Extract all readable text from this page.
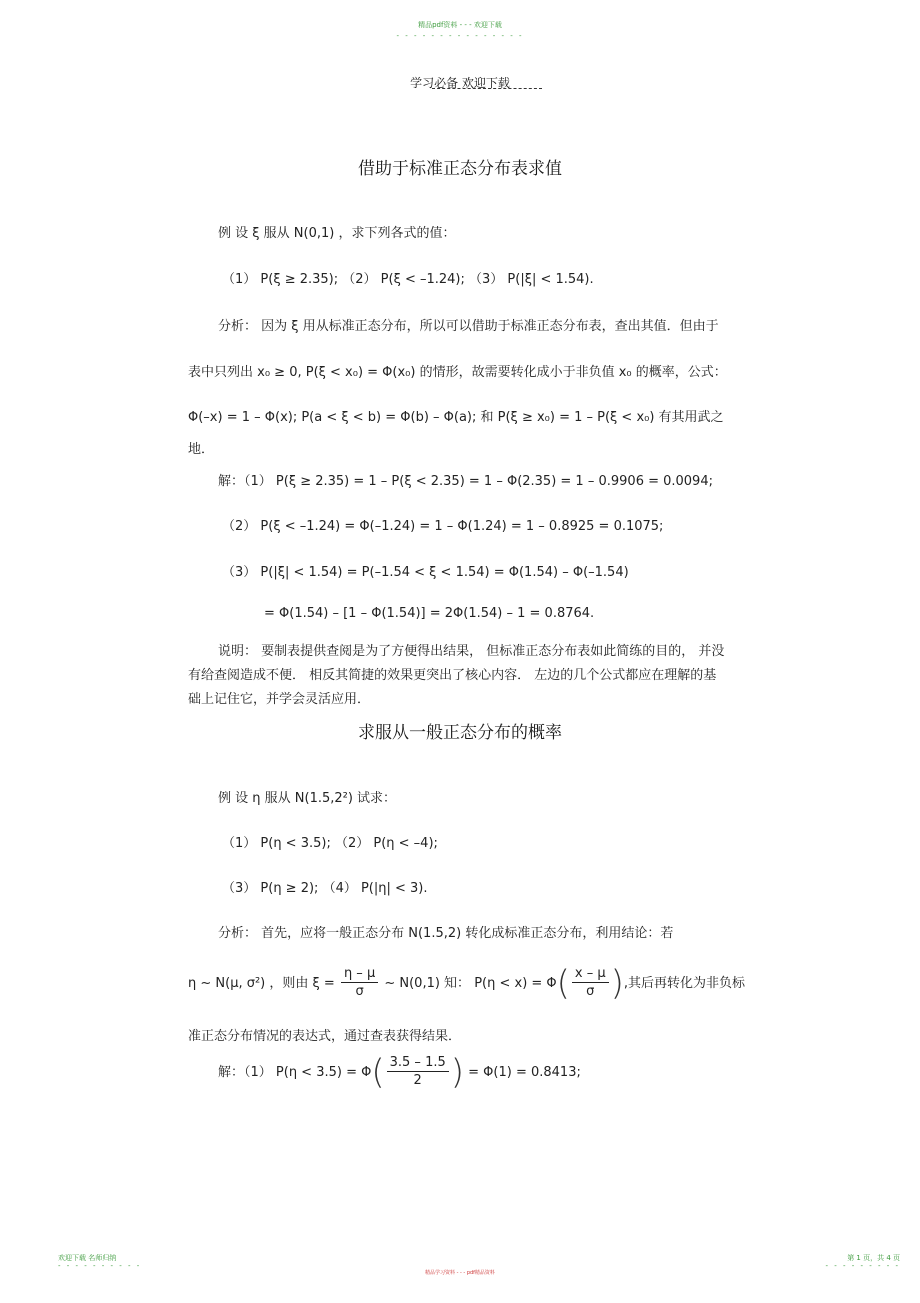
精品pdf资料 - - - 欢迎下载
- - - - - - - - - - - - - - -
学习必备 欢迎下载
借助于标准正态分布表求值
例 设 ξ 服从 N(0,1) ，求下列各式的值：
（1） P(ξ ≥ 2.35); （2） P(ξ < –1.24); （3） P(|ξ| < 1.54).
分析： 因为 ξ 用从标准正态分布，所以可以借助于标准正态分布表，查出其值．但由于
表中只列出 x₀ ≥ 0, P(ξ < x₀) = Φ(x₀) 的情形，故需要转化成小于非负值 x₀ 的概率，公式：
Φ(–x) = 1 – Φ(x); P(a < ξ < b) = Φ(b) – Φ(a); 和 P(ξ ≥ x₀) = 1 – P(ξ < x₀) 有其用武之
地．
解：（1） P(ξ ≥ 2.35) = 1 – P(ξ < 2.35) = 1 – Φ(2.35) = 1 – 0.9906 = 0.0094;
（2） P(ξ < –1.24) = Φ(–1.24) = 1 – Φ(1.24) = 1 – 0.8925 = 0.1075;
（3） P(|ξ| < 1.54) = P(–1.54 < ξ < 1.54) = Φ(1.54) – Φ(–1.54)
= Φ(1.54) – [1 – Φ(1.54)] = 2Φ(1.54) – 1 = 0.8764.
说明： 要制表提供查阅是为了方便得出结果， 但标准正态分布表如此简练的目的， 并没
有给查阅造成不便． 相反其简捷的效果更突出了核心内容． 左边的几个公式都应在理解的基
础上记住它，并学会灵活应用．
求服从一般正态分布的概率
例 设 η 服从 N(1.5,2²) 试求：
（1） P(η < 3.5); （2） P(η < –4);
（3） P(η ≥ 2); （4） P(|η| < 3).
分析： 首先，应将一般正态分布 N(1.5,2) 转化成标准正态分布，利用结论：若
η ~ N(μ, σ²) ，则由 $\xi = \frac{\eta - \mu}{\sigma}$ ~ N(0,1) 知： $P(\eta < x) = \Phi( \frac{x - \mu}{\sigma}$ ),其后再转化为非负标
准正态分布情况的表达式，通过查表获得结果．
解：（1） $P(\eta < 3.5) = \Phi( \frac{3.5 - 1.5}{2}$ ) = Φ(1) = 0.8413;
欢迎下载 名师归纳
- - - - - - - - - -
精品学习资料 - - - pdf精品资料
第 1 页，共 4 页
- - - - - - - - -
